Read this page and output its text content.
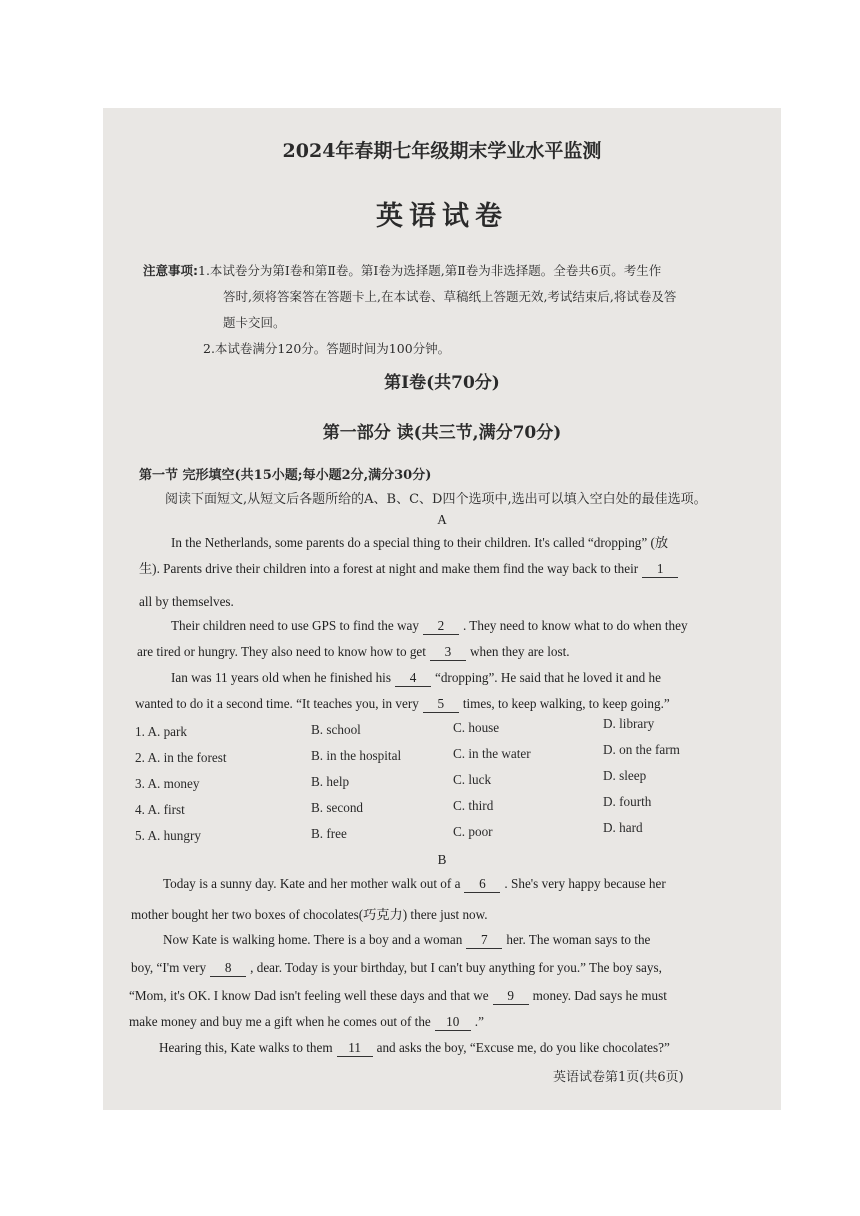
2024年春期七年级期末学业水平监测
英语试卷
注意事项:1.本试卷分为第Ⅰ卷和第Ⅱ卷。第Ⅰ卷为选择题,第Ⅱ卷为非选择题。全卷共6页。考生作
答时,须将答案答在答题卡上,在本试卷、草稿纸上答题无效,考试结束后,将试卷及答
题卡交回。
2.本试卷满分120分。答题时间为100分钟。
第Ⅰ卷(共70分)
第一部分 读(共三节,满分70分)
第一节 完形填空(共15小题;每小题2分,满分30分)
阅读下面短文,从短文后各题所给的A、B、C、D四个选项中,选出可以填入空白处的最佳选项。
A
In the Netherlands, some parents do a special thing to their children. It's called “dropping” (放
生). Parents drive their children into a forest at night and make them find the way back to their 1
all by themselves.
Their children need to use GPS to find the way 2 . They need to know what to do when they
are tired or hungry. They also need to know how to get 3 when they are lost.
Ian was 11 years old when he finished his 4 “dropping”. He said that he loved it and he
wanted to do it a second time. “It teaches you, in very 5 times, to keep walking, to keep going.”
1. A. park	B. school	C. house	D. library
2. A. in the forest	B. in the hospital	C. in the water	D. on the farm
3. A. money	B. help	C. luck	D. sleep
4. A. first	B. second	C. third	D. fourth
5. A. hungry	B. free	C. poor	D. hard
B
Today is a sunny day. Kate and her mother walk out of a 6 . She's very happy because her
mother bought her two boxes of chocolates(巧克力) there just now.
Now Kate is walking home. There is a boy and a woman 7 her. The woman says to the
boy, “I'm very 8 , dear. Today is your birthday, but I can't buy anything for you.” The boy says,
“Mom, it's OK. I know Dad isn't feeling well these days and that we 9 money. Dad says he must
make money and buy me a gift when he comes out of the 10 .”
Hearing this, Kate walks to them 11 and asks the boy, “Excuse me, do you like chocolates?”
英语试卷第1页(共6页)
